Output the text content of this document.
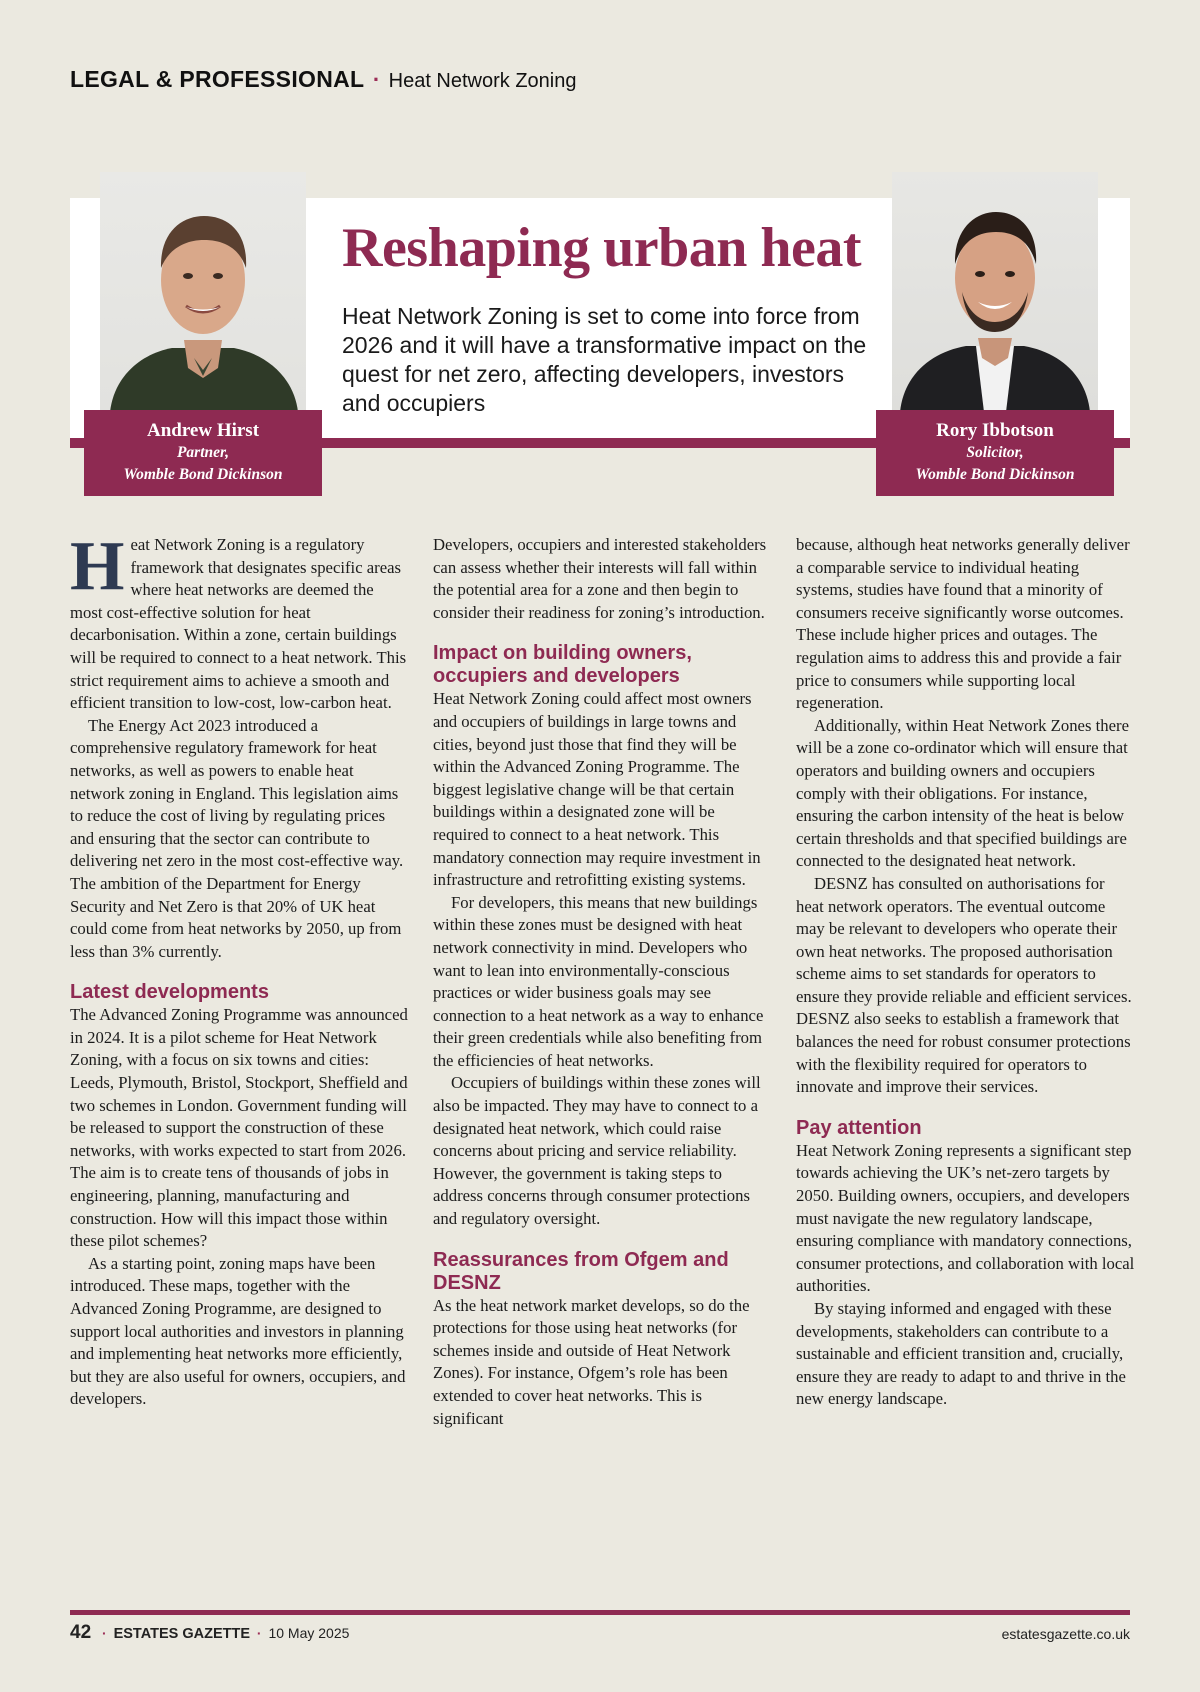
LEGAL & PROFESSIONAL · Heat Network Zoning
Andrew Hirst
Partner,
Womble Bond Dickinson
Rory Ibbotson
Solicitor,
Womble Bond Dickinson
Reshaping urban heat

Heat Network Zoning is set to come into force from 2026 and it will have a transformative impact on the quest for net zero, affecting developers, investors and occupiers

Heat Network Zoning is a regulatory framework that designates specific areas where heat networks are deemed the most cost-effective solution for heat decarbonisation. Within a zone, certain buildings will be required to connect to a heat network. This strict requirement aims to achieve a smooth and efficient transition to low-cost, low-carbon heat.

The Energy Act 2023 introduced a comprehensive regulatory framework for heat networks, as well as powers to enable heat network zoning in England. This legislation aims to reduce the cost of living by regulating prices and ensuring that the sector can contribute to delivering net zero in the most cost-effective way. The ambition of the Department for Energy Security and Net Zero is that 20% of UK heat could come from heat networks by 2050, up from less than 3% currently.

Latest developments

The Advanced Zoning Programme was announced in 2024. It is a pilot scheme for Heat Network Zoning, with a focus on six towns and cities: Leeds, Plymouth, Bristol, Stockport, Sheffield and two schemes in London. Government funding will be released to support the construction of these networks, with works expected to start from 2026. The aim is to create tens of thousands of jobs in engineering, planning, manufacturing and construction. How will this impact those within these pilot schemes?

As a starting point, zoning maps have been introduced. These maps, together with the Advanced Zoning Programme, are designed to support local authorities and investors in planning and implementing heat networks more efficiently, but they are also useful for owners, occupiers, and developers.

Developers, occupiers and interested stakeholders can assess whether their interests will fall within the potential area for a zone and then begin to consider their readiness for zoning’s introduction.

Impact on building owners, occupiers and developers

Heat Network Zoning could affect most owners and occupiers of buildings in large towns and cities, beyond just those that find they will be within the Advanced Zoning Programme. The biggest legislative change will be that certain buildings within a designated zone will be required to connect to a heat network. This mandatory connection may require investment in infrastructure and retrofitting existing systems.

For developers, this means that new buildings within these zones must be designed with heat network connectivity in mind. Developers who want to lean into environmentally-conscious practices or wider business goals may see connection to a heat network as a way to enhance their green credentials while also benefiting from the efficiencies of heat networks.

Occupiers of buildings within these zones will also be impacted. They may have to connect to a designated heat network, which could raise concerns about pricing and service reliability. However, the government is taking steps to address concerns through consumer protections and regulatory oversight.

Reassurances from Ofgem and DESNZ

As the heat network market develops, so do the protections for those using heat networks (for schemes inside and outside of Heat Network Zones). For instance, Ofgem’s role has been extended to cover heat networks. This is significant

because, although heat networks generally deliver a comparable service to individual heating systems, studies have found that a minority of consumers receive significantly worse outcomes. These include higher prices and outages. The regulation aims to address this and provide a fair price to consumers while supporting local regeneration.

Additionally, within Heat Network Zones there will be a zone co-ordinator which will ensure that operators and building owners and occupiers comply with their obligations. For instance, ensuring the carbon intensity of the heat is below certain thresholds and that specified buildings are connected to the designated heat network.

DESNZ has consulted on authorisations for heat network operators. The eventual outcome may be relevant to developers who operate their own heat networks. The proposed authorisation scheme aims to set standards for operators to ensure they provide reliable and efficient services. DESNZ also seeks to establish a framework that balances the need for robust consumer protections with the flexibility required for operators to innovate and improve their services.

Pay attention

Heat Network Zoning represents a significant step towards achieving the UK’s net-zero targets by 2050. Building owners, occupiers, and developers must navigate the new regulatory landscape, ensuring compliance with mandatory connections, consumer protections, and collaboration with local authorities.

By staying informed and engaged with these developments, stakeholders can contribute to a sustainable and efficient transition and, crucially, ensure they are ready to adapt to and thrive in the new energy landscape.

42 · ESTATES GAZETTE · 10 May 2025	estatesgazette.co.uk
